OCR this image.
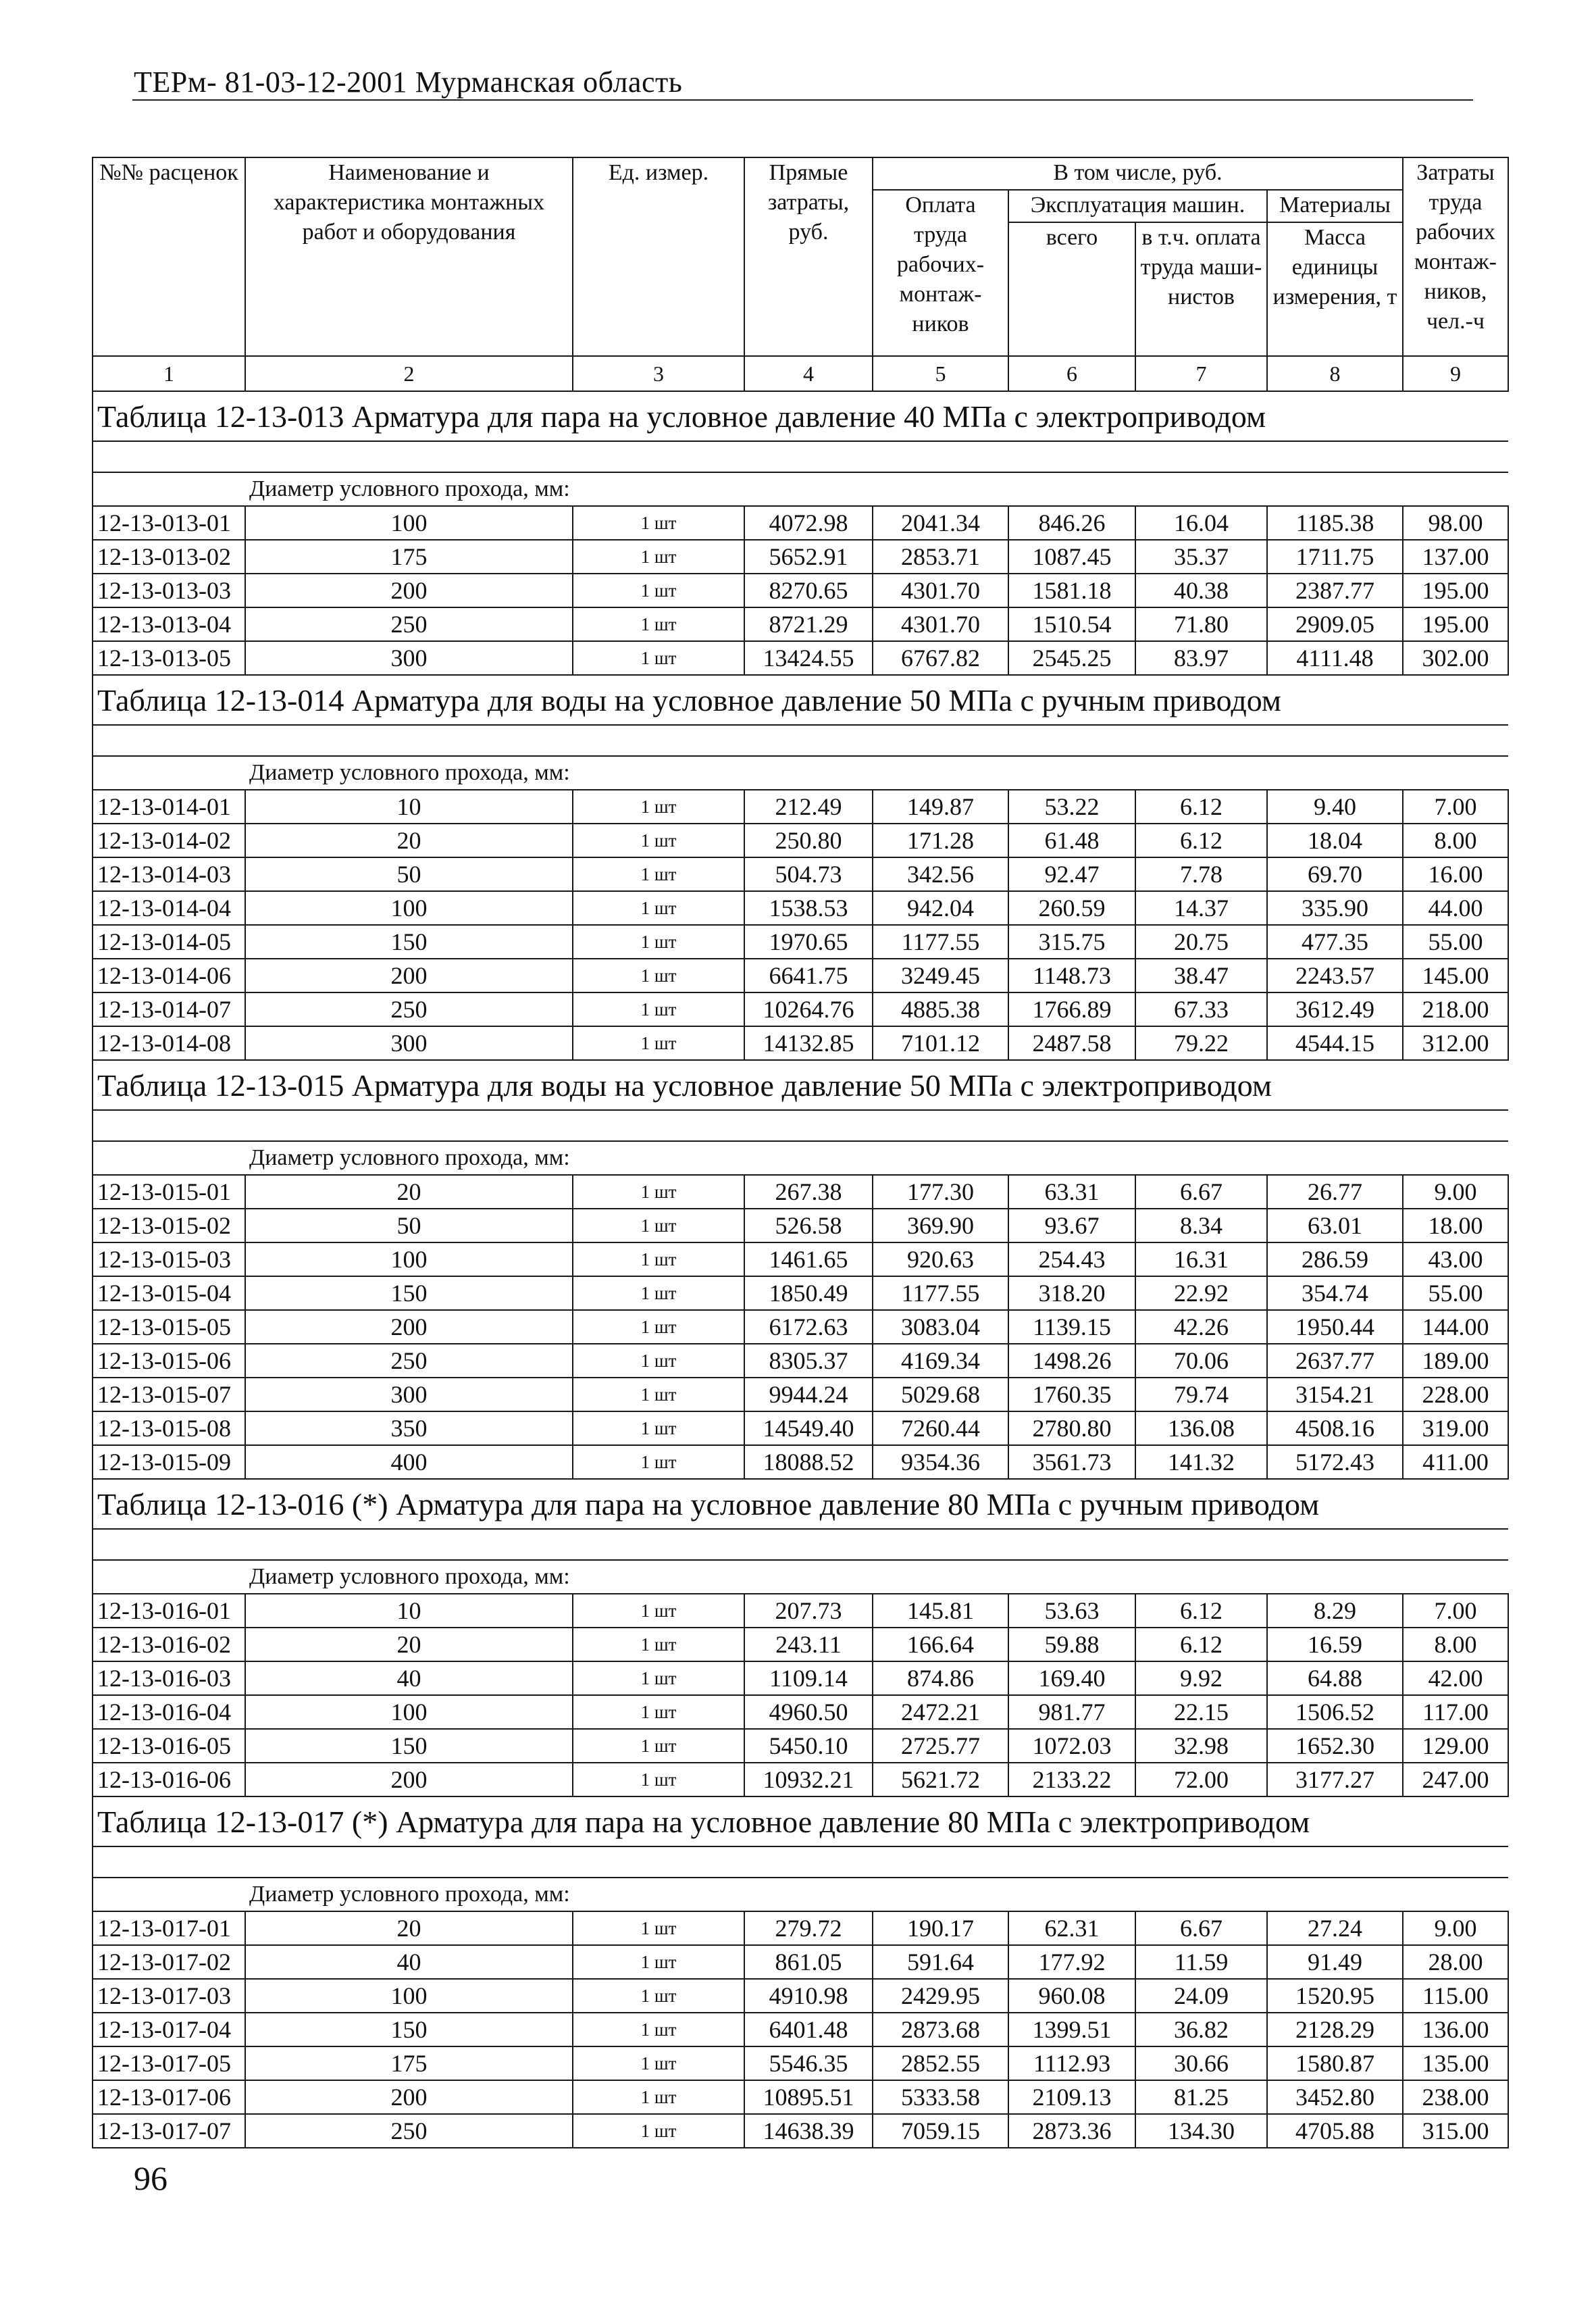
ТЕРм- 81-03-12-2001 Мурманская область
№№ расценок	Наименование и характеристика монтажных работ и оборудования	Ед. измер.	Прямые затраты, руб.	В том числе, руб.				Затраты труда рабочих монтаж-ников, чел.-ч
				Оплата труда рабочих-монтаж-ников	Эксплуатация машин.		Материалы	
					всего	в т.ч. оплата труда маши-нистов	Масса единицы измерения, т	
1	2	3	4	5	6	7	8	9
Таблица 12-13-013 Арматура для пара на условное давление 40 МПа с электроприводом								

	Диаметр условного прохода, мм:							
12-13-013-01	100	1 шт	4072.98	2041.34	846.26	16.04	1185.38	98.00
12-13-013-02	175	1 шт	5652.91	2853.71	1087.45	35.37	1711.75	137.00
12-13-013-03	200	1 шт	8270.65	4301.70	1581.18	40.38	2387.77	195.00
12-13-013-04	250	1 шт	8721.29	4301.70	1510.54	71.80	2909.05	195.00
12-13-013-05	300	1 шт	13424.55	6767.82	2545.25	83.97	4111.48	302.00
Таблица 12-13-014 Арматура для воды на условное давление 50 МПа с ручным приводом								

	Диаметр условного прохода, мм:							
12-13-014-01	10	1 шт	212.49	149.87	53.22	6.12	9.40	7.00
12-13-014-02	20	1 шт	250.80	171.28	61.48	6.12	18.04	8.00
12-13-014-03	50	1 шт	504.73	342.56	92.47	7.78	69.70	16.00
12-13-014-04	100	1 шт	1538.53	942.04	260.59	14.37	335.90	44.00
12-13-014-05	150	1 шт	1970.65	1177.55	315.75	20.75	477.35	55.00
12-13-014-06	200	1 шт	6641.75	3249.45	1148.73	38.47	2243.57	145.00
12-13-014-07	250	1 шт	10264.76	4885.38	1766.89	67.33	3612.49	218.00
12-13-014-08	300	1 шт	14132.85	7101.12	2487.58	79.22	4544.15	312.00
Таблица 12-13-015 Арматура для воды на условное давление 50 МПа с электроприводом								

	Диаметр условного прохода, мм:							
12-13-015-01	20	1 шт	267.38	177.30	63.31	6.67	26.77	9.00
12-13-015-02	50	1 шт	526.58	369.90	93.67	8.34	63.01	18.00
12-13-015-03	100	1 шт	1461.65	920.63	254.43	16.31	286.59	43.00
12-13-015-04	150	1 шт	1850.49	1177.55	318.20	22.92	354.74	55.00
12-13-015-05	200	1 шт	6172.63	3083.04	1139.15	42.26	1950.44	144.00
12-13-015-06	250	1 шт	8305.37	4169.34	1498.26	70.06	2637.77	189.00
12-13-015-07	300	1 шт	9944.24	5029.68	1760.35	79.74	3154.21	228.00
12-13-015-08	350	1 шт	14549.40	7260.44	2780.80	136.08	4508.16	319.00
12-13-015-09	400	1 шт	18088.52	9354.36	3561.73	141.32	5172.43	411.00
Таблица 12-13-016 (*) Арматура для пара на условное давление 80 МПа с ручным приводом								

	Диаметр условного прохода, мм:							
12-13-016-01	10	1 шт	207.73	145.81	53.63	6.12	8.29	7.00
12-13-016-02	20	1 шт	243.11	166.64	59.88	6.12	16.59	8.00
12-13-016-03	40	1 шт	1109.14	874.86	169.40	9.92	64.88	42.00
12-13-016-04	100	1 шт	4960.50	2472.21	981.77	22.15	1506.52	117.00
12-13-016-05	150	1 шт	5450.10	2725.77	1072.03	32.98	1652.30	129.00
12-13-016-06	200	1 шт	10932.21	5621.72	2133.22	72.00	3177.27	247.00
Таблица 12-13-017 (*) Арматура для пара на условное давление 80 МПа с электроприводом								

	Диаметр условного прохода, мм:							
12-13-017-01	20	1 шт	279.72	190.17	62.31	6.67	27.24	9.00
12-13-017-02	40	1 шт	861.05	591.64	177.92	11.59	91.49	28.00
12-13-017-03	100	1 шт	4910.98	2429.95	960.08	24.09	1520.95	115.00
12-13-017-04	150	1 шт	6401.48	2873.68	1399.51	36.82	2128.29	136.00
12-13-017-05	175	1 шт	5546.35	2852.55	1112.93	30.66	1580.87	135.00
12-13-017-06	200	1 шт	10895.51	5333.58	2109.13	81.25	3452.80	238.00
12-13-017-07	250	1 шт	14638.39	7059.15	2873.36	134.30	4705.88	315.00
96
